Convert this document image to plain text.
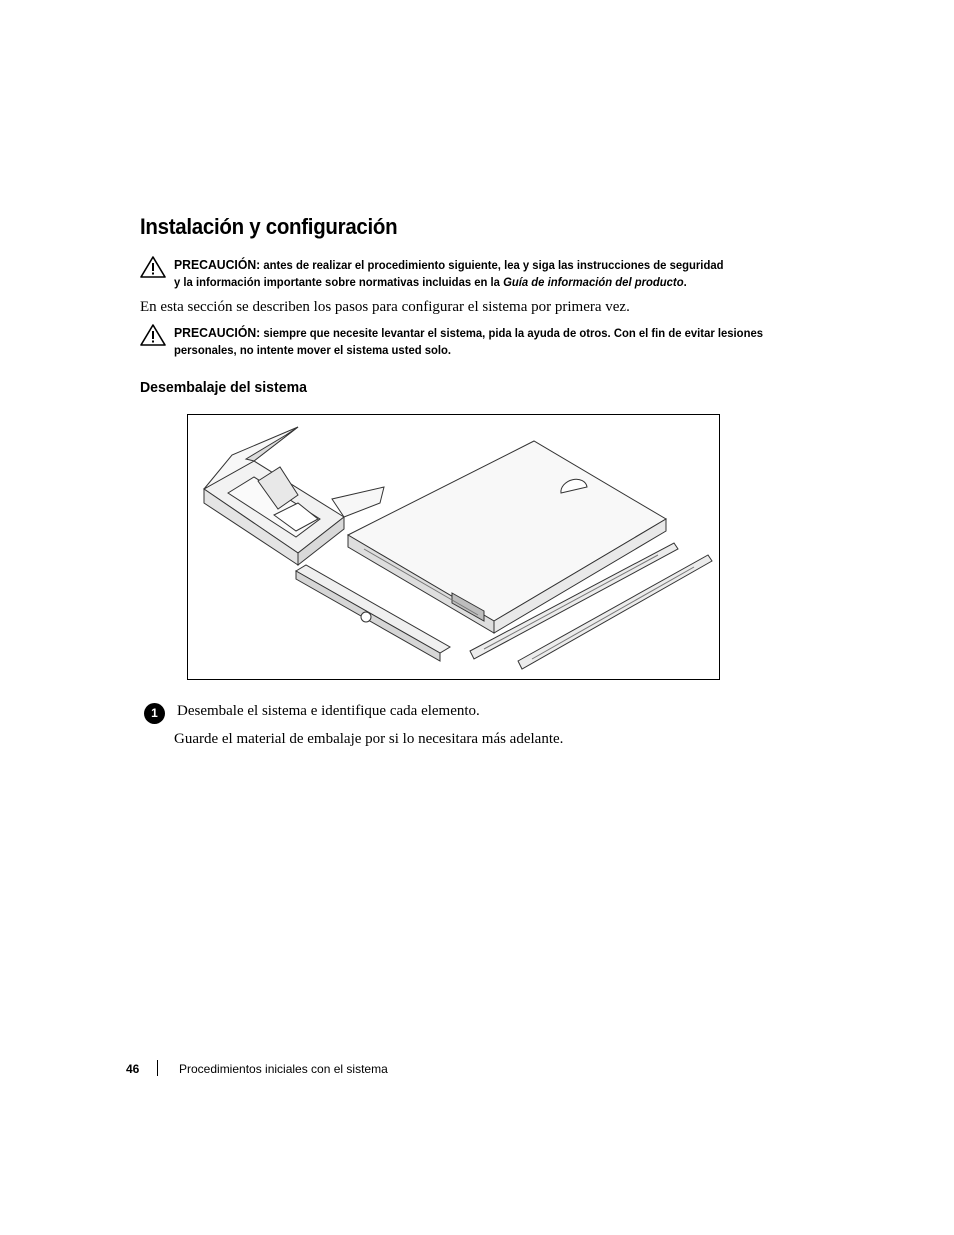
Instalación y configuración
PRECAUCIÓN: antes de realizar el procedimiento siguiente, lea y siga las instrucciones de seguridad
y la información importante sobre normativas incluidas en la Guía de información del producto.
En esta sección se describen los pasos para configurar el sistema por primera vez.
PRECAUCIÓN: siempre que necesite levantar el sistema, pida la ayuda de otros. Con el fin de evitar lesiones
personales, no intente mover el sistema usted solo.
Desembalaje del sistema
1	Desembale el sistema e identifique cada elemento.
Guarde el material de embalaje por si lo necesitara más adelante.
46	Procedimientos iniciales con el sistema
